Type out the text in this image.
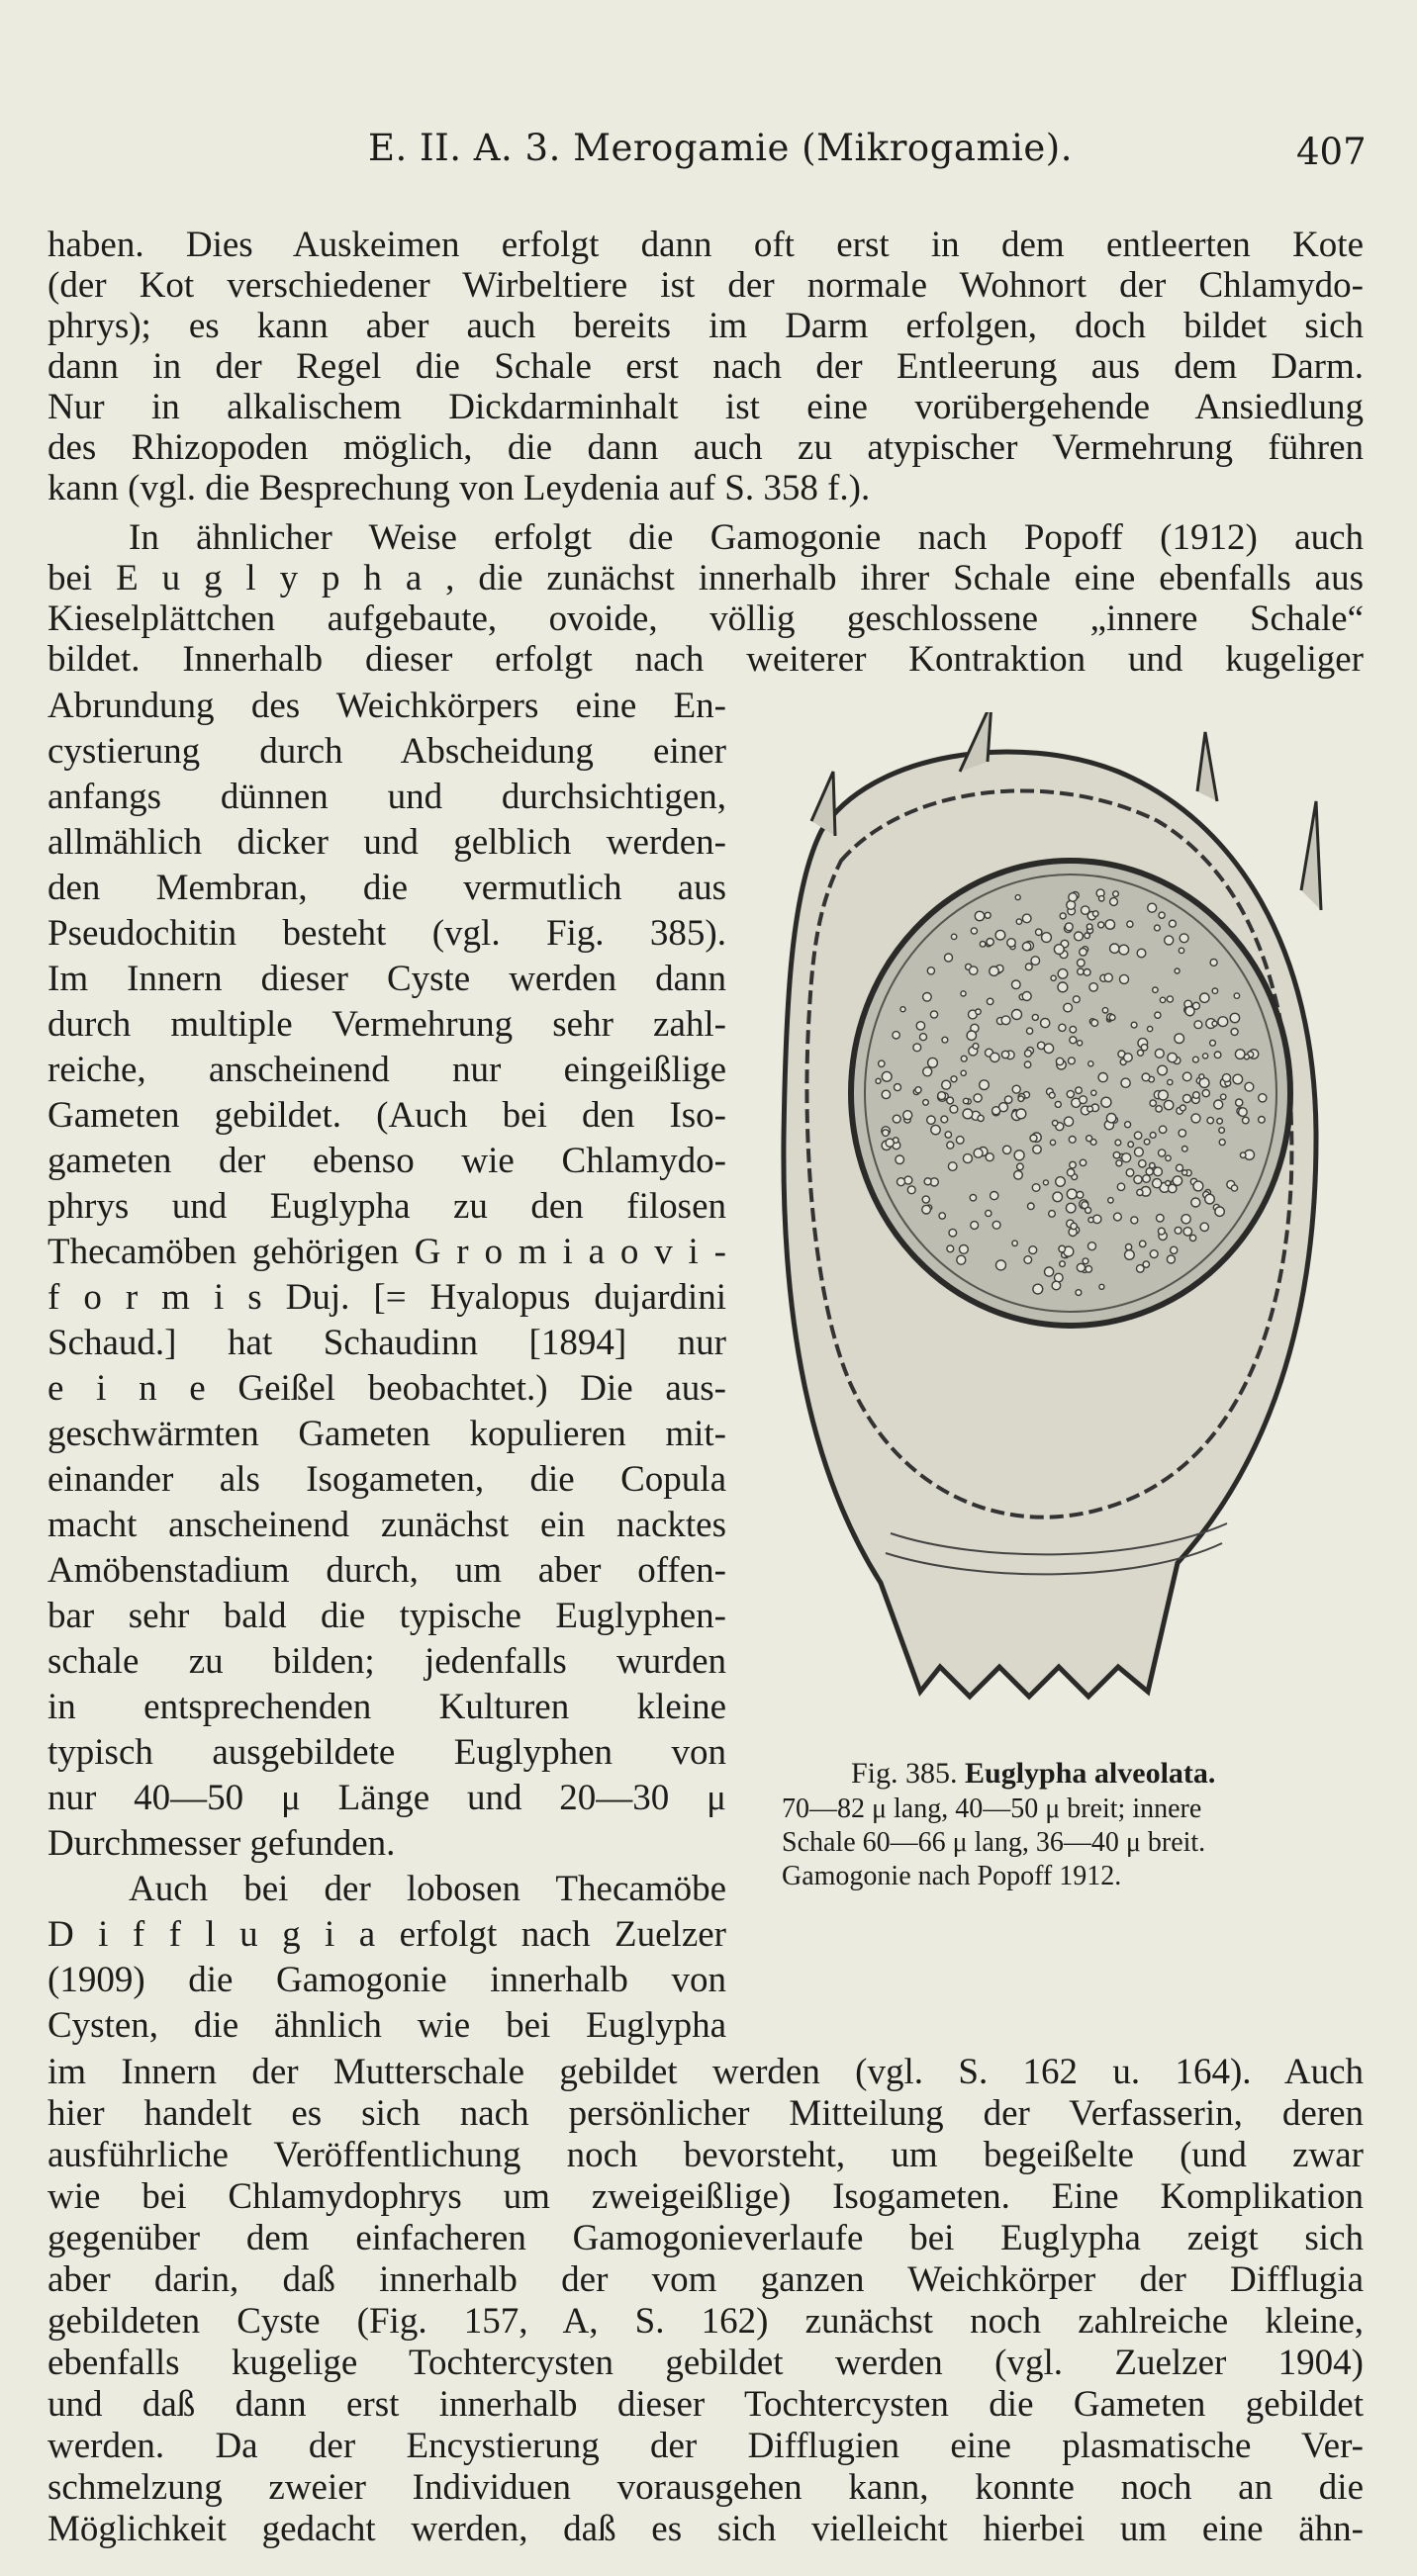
E. II. A. 3. Merogamie (Mikrogamie).	407
haben. Dies Auskeimen erfolgt dann oft erst in dem entleerten Kote
(der Kot verschiedener Wirbeltiere ist der normale Wohnort der Chlamydo-
phrys); es kann aber auch bereits im Darm erfolgen, doch bildet sich
dann in der Regel die Schale erst nach der Entleerung aus dem Darm.
Nur in alkalischem Dickdarminhalt ist eine vorübergehende Ansiedlung
des Rhizopoden möglich, die dann auch zu atypischer Vermehrung führen
kann (vgl. die Besprechung von Leydenia auf S. 358 f.).
In ähnlicher Weise erfolgt die Gamogonie nach Popoff (1912) auch
bei E u g l y p h a , die zunächst innerhalb ihrer Schale eine ebenfalls aus
Kieselplättchen aufgebaute, ovoide, völlig geschlossene „innere Schale“
bildet. Innerhalb dieser erfolgt nach weiterer Kontraktion und kugeliger
Abrundung des Weichkörpers eine En-
cystierung durch Abscheidung einer
anfangs dünnen und durchsichtigen,
allmählich dicker und gelblich werden-
den Membran, die vermutlich aus
Pseudochitin besteht (vgl. Fig. 385).
Im Innern dieser Cyste werden dann
durch multiple Vermehrung sehr zahl-
reiche, anscheinend nur eingeißlige
Gameten gebildet. (Auch bei den Iso-
gameten der ebenso wie Chlamydo-
phrys und Euglypha zu den filosen
Thecamöben gehörigen G r o m i a o v i -
f o r m i s Duj. [= Hyalopus dujardini
Schaud.] hat Schaudinn [1894] nur
e i n e Geißel beobachtet.) Die aus-
geschwärmten Gameten kopulieren mit-
einander als Isogameten, die Copula
macht anscheinend zunächst ein nacktes
Amöbenstadium durch, um aber offen-
bar sehr bald die typische Euglyphen-
schale zu bilden; jedenfalls wurden
in entsprechenden Kulturen kleine
typisch ausgebildete Euglyphen von
nur 40—50 μ Länge und 20—30 μ
Durchmesser gefunden.
Auch bei der lobosen Thecamöbe
D i f f l u g i a erfolgt nach Zuelzer
(1909) die Gamogonie innerhalb von
Cysten, die ähnlich wie bei Euglypha
im Innern der Mutterschale gebildet werden (vgl. S. 162 u. 164). Auch
hier handelt es sich nach persönlicher Mitteilung der Verfasserin, deren
ausführliche Veröffentlichung noch bevorsteht, um begeißelte (und zwar
wie bei Chlamydophrys um zweigeißlige) Isogameten. Eine Komplikation
gegenüber dem einfacheren Gamogonieverlaufe bei Euglypha zeigt sich
aber darin, daß innerhalb der vom ganzen Weichkörper der Difflugia
gebildeten Cyste (Fig. 157, A, S. 162) zunächst noch zahlreiche kleine,
ebenfalls kugelige Tochtercysten gebildet werden (vgl. Zuelzer 1904)
und daß dann erst innerhalb dieser Tochtercysten die Gameten gebildet
werden. Da der Encystierung der Difflugien eine plasmatische Ver-
schmelzung zweier Individuen vorausgehen kann, konnte noch an die
Möglichkeit gedacht werden, daß es sich vielleicht hierbei um eine ähn-
Fig. 385. Euglypha alveolata.
70—82 μ lang, 40—50 μ breit; innere
Schale 60—66 μ lang, 36—40 μ breit.
Gamogonie nach Popoff 1912.
